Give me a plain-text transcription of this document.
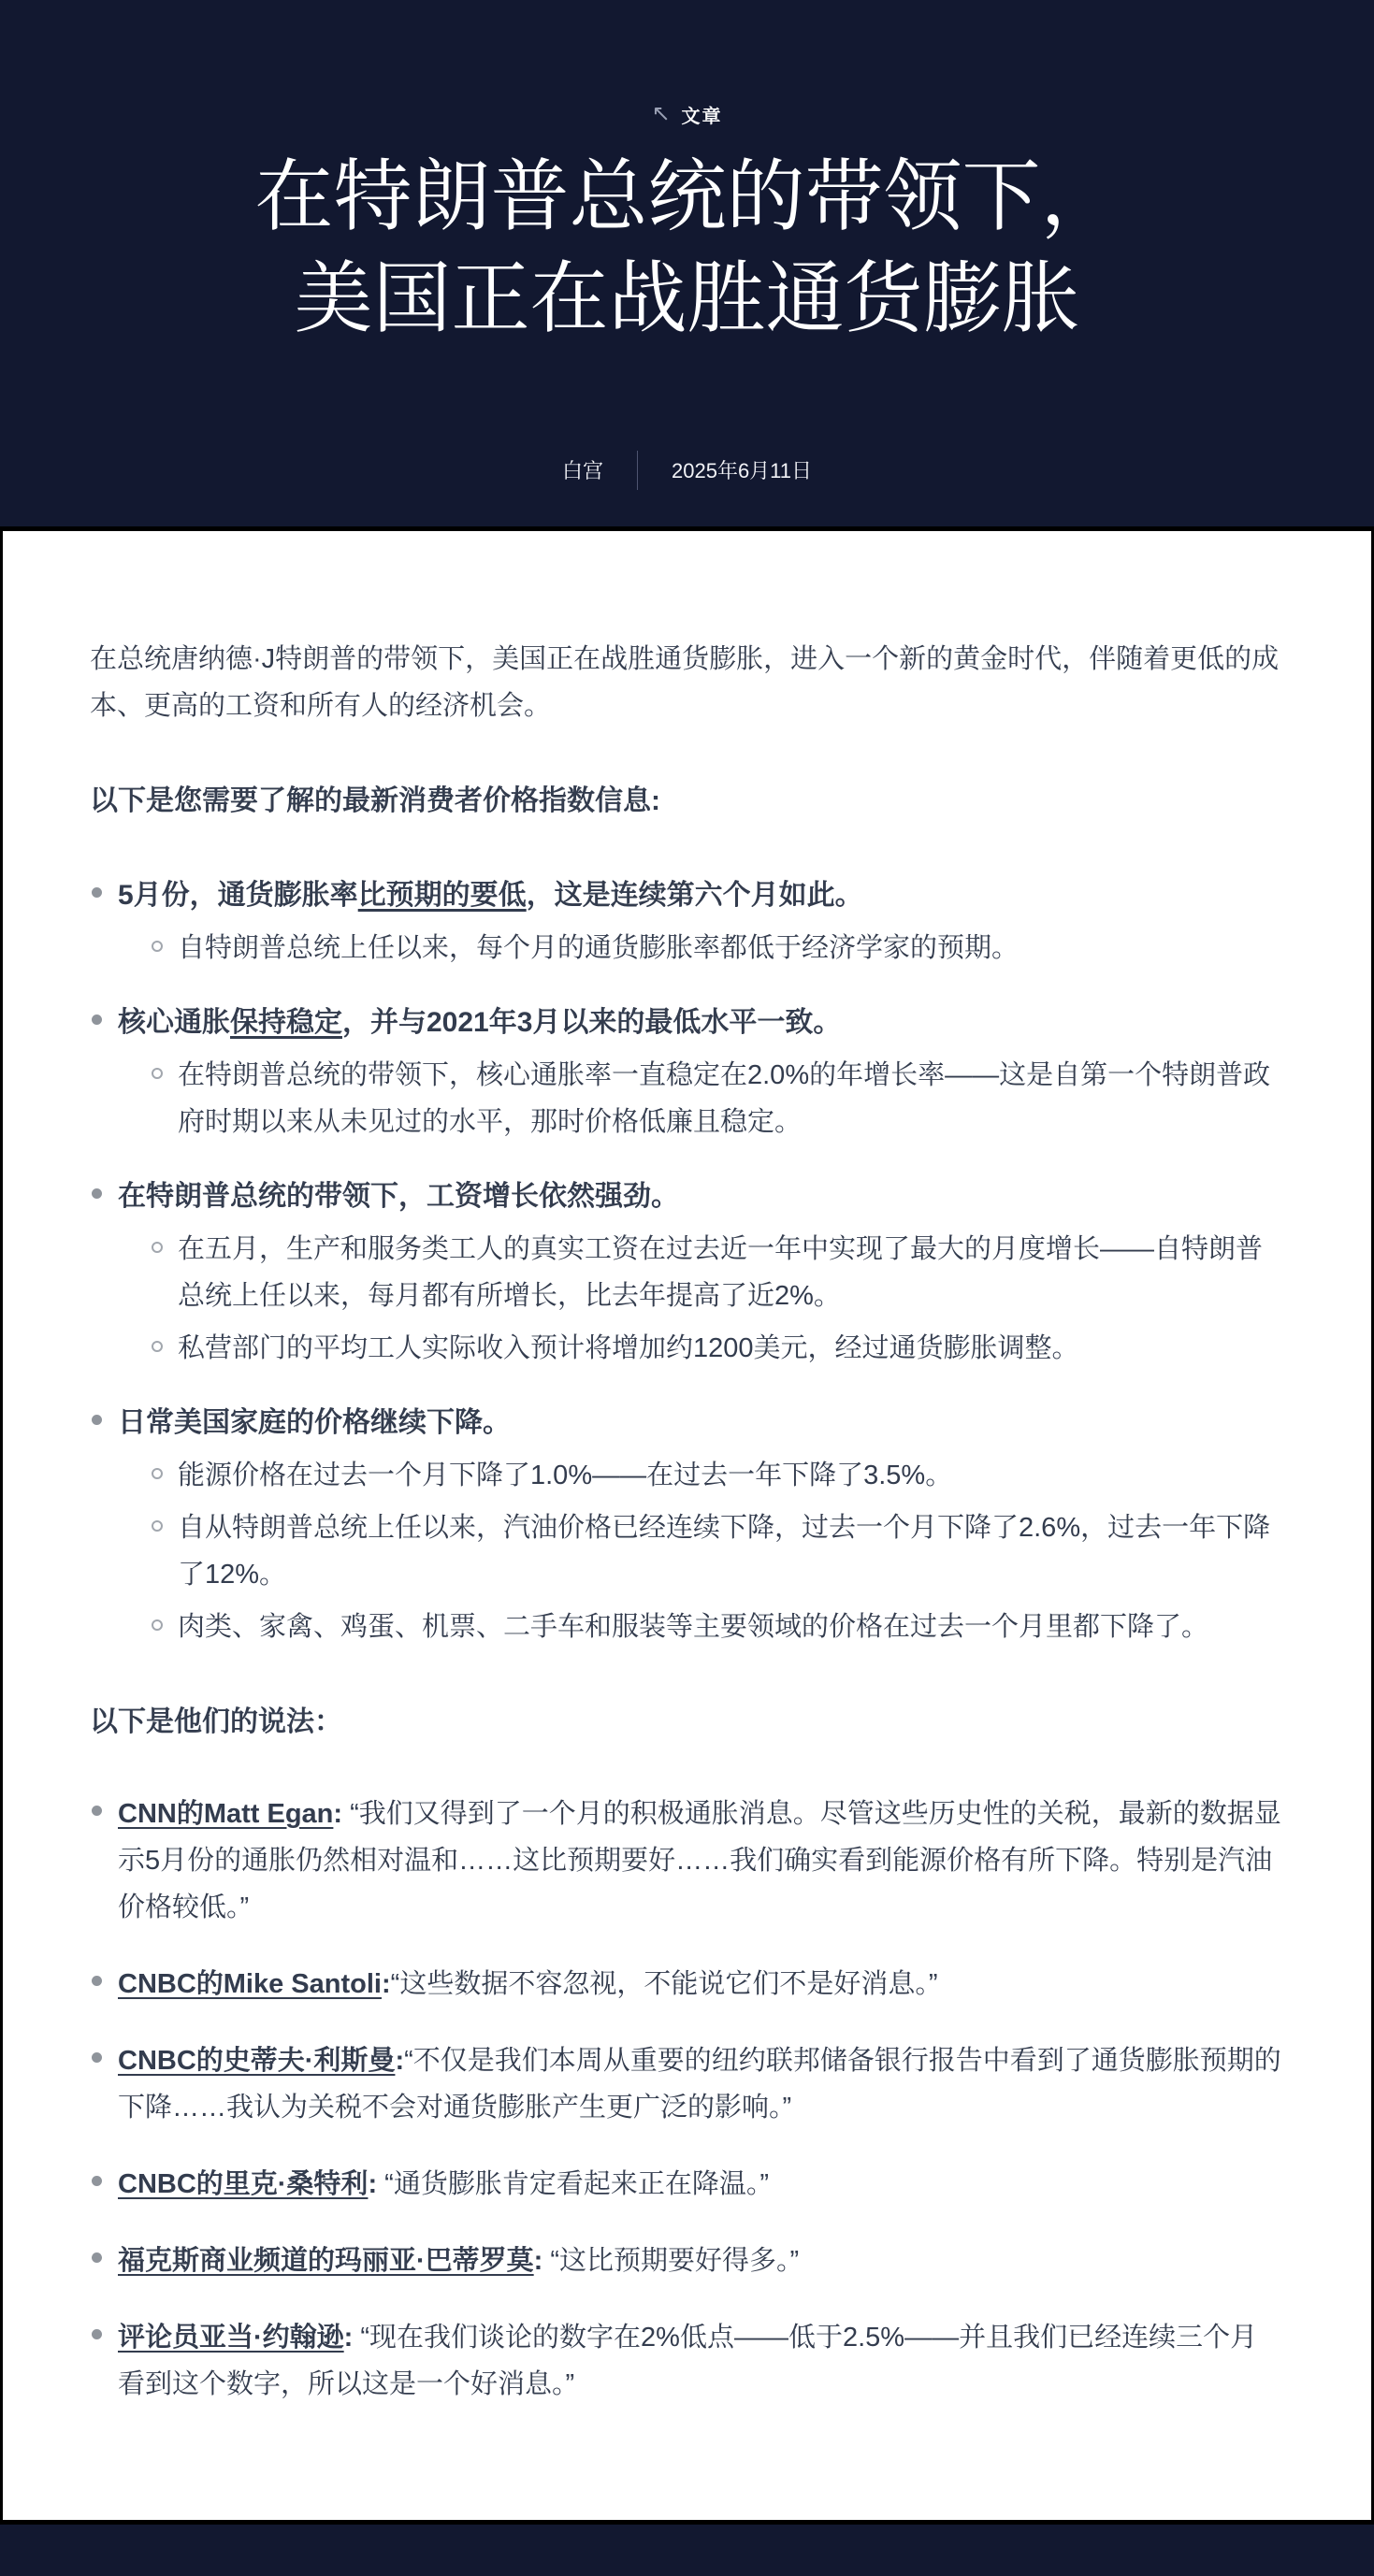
↖ 文章
在特朗普总统的带领下，
美国正在战胜通货膨胀
白宫	2025年6月11日

在总统唐纳德·J特朗普的带领下，美国正在战胜通货膨胀，进入一个新的黄金时代，伴随着更低的成本、更高的工资和所有人的经济机会。

以下是您需要了解的最新消费者价格指数信息:
5月份，通货膨胀率比预期的要低，这是连续第六个月如此。
自特朗普总统上任以来，每个月的通货膨胀率都低于经济学家的预期。
核心通胀保持稳定，并与2021年3月以来的最低水平一致。
在特朗普总统的带领下，核心通胀率一直稳定在2.0%的年增长率——这是自第一个特朗普政府时期以来从未见过的水平，那时价格低廉且稳定。
在特朗普总统的带领下，工资增长依然强劲。
在五月，生产和服务类工人的真实工资在过去近一年中实现了最大的月度增长——自特朗普总统上任以来，每月都有所增长，比去年提高了近2%。
私营部门的平均工人实际收入预计将增加约1200美元，经过通货膨胀调整。
日常美国家庭的价格继续下降。
能源价格在过去一个月下降了1.0%——在过去一年下降了3.5%。
自从特朗普总统上任以来，汽油价格已经连续下降，过去一个月下降了2.6%，过去一年下降了12%。
肉类、家禽、鸡蛋、机票、二手车和服装等主要领域的价格在过去一个月里都下降了。
以下是他们的说法：
CNN的Matt Egan: “我们又得到了一个月的积极通胀消息。尽管这些历史性的关税，最新的数据显示5月份的通胀仍然相对温和……这比预期要好……我们确实看到能源价格有所下降。特别是汽油价格较低。”
CNBC的Mike Santoli:“这些数据不容忽视，不能说它们不是好消息。”
CNBC的史蒂夫·利斯曼:“不仅是我们本周从重要的纽约联邦储备银行报告中看到了通货膨胀预期的下降……我认为关税不会对通货膨胀产生更广泛的影响。”
CNBC的里克·桑特利: “通货膨胀肯定看起来正在降温。”
福克斯商业频道的玛丽亚·巴蒂罗莫: “这比预期要好得多。”
评论员亚当·约翰逊: “现在我们谈论的数字在2%低点——低于2.5%——并且我们已经连续三个月看到这个数字，所以这是一个好消息。”
